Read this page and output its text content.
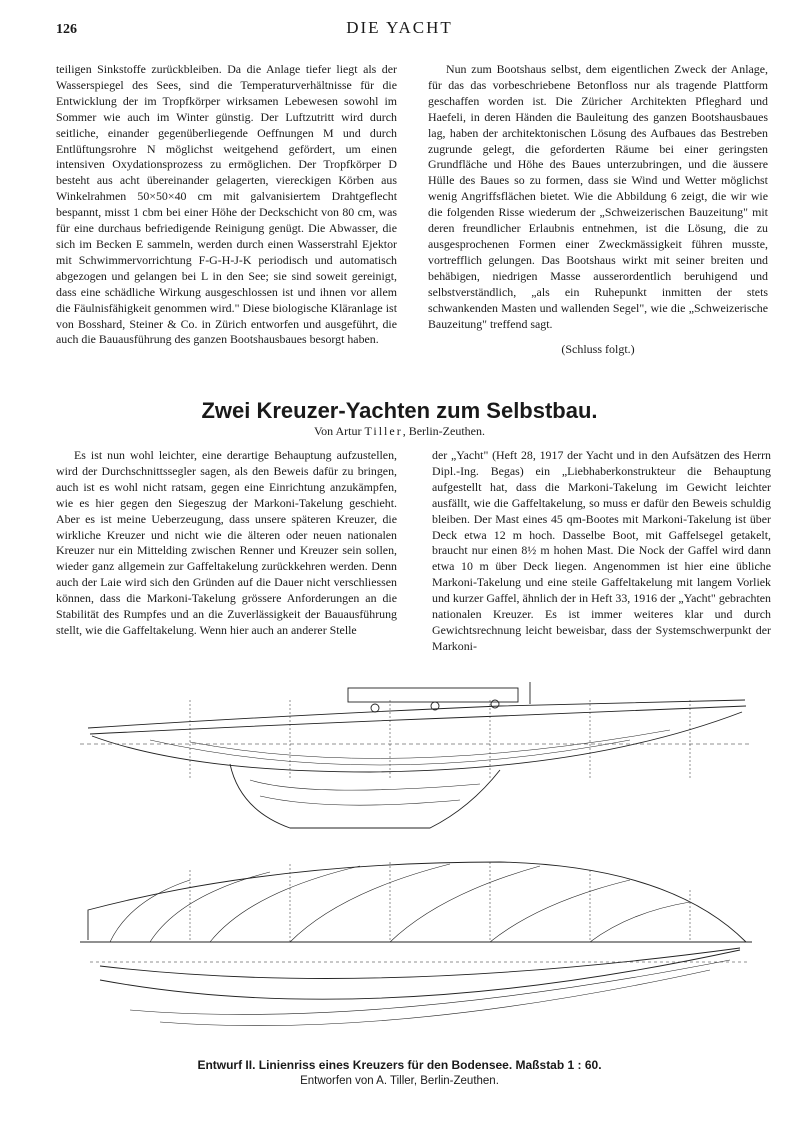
126	DIE YACHT

teiligen Sinkstoffe zurückbleiben. Da die Anlage tiefer liegt als der Wasserspiegel des Sees, sind die Temperaturverhältnisse für die Entwicklung der im Tropfkörper wirksamen Lebewesen sowohl im Sommer wie auch im Winter günstig. Der Luftzutritt wird durch seitliche, einander gegenüberliegende Oeffnungen M und durch Entlüftungsrohre N möglichst weitgehend gefördert, um einen intensiven Oxydationsprozess zu ermöglichen. Der Tropfkörper D besteht aus acht übereinander gelagerten, viereckigen Körben aus Winkelrahmen 50×50×40 cm mit galvanisiertem Drahtgeflecht bespannt, misst 1 cbm bei einer Höhe der Deckschicht von 80 cm, was für eine durchaus befriedigende Reinigung genügt. Die Abwasser, die sich im Becken E sammeln, werden durch einen Wasserstrahl Ejektor mit Schwimmervorrichtung F-G-H-J-K periodisch und automatisch abgezogen und gelangen bei L in den See; sie sind soweit gereinigt, dass eine schädliche Wirkung ausgeschlossen ist und ihnen vor allem die Fäulnisfähigkeit genommen wird." Diese biologische Kläranlage ist von Bosshard, Steiner & Co. in Zürich entworfen und ausgeführt, die auch die Bauausführung des ganzen Bootshausbaues besorgt haben.

Nun zum Bootshaus selbst, dem eigentlichen Zweck der Anlage, für das das vorbeschriebene Betonfloss nur als tragende Plattform geschaffen worden ist. Die Züricher Architekten Pfleghard und Haefeli, in deren Händen die Bauleitung des ganzen Bootshausbaues lag, haben der architektonischen Lösung des Aufbaues das Bestreben zugrunde gelegt, die geforderten Räume bei einer geringsten Grundfläche und Höhe des Baues unterzubringen, und die äussere Hülle des Baues so zu formen, dass sie Wind und Wetter möglichst wenig Angriffsflächen bietet. Wie die Abbildung 6 zeigt, die wir wie die folgenden Risse wiederum der „Schweizerischen Bauzeitung" mit deren freundlicher Erlaubnis entnehmen, ist die Lösung, die zu ausgesprochenen Formen einer Zweckmässigkeit führen musste, vortrefflich gelungen. Das Bootshaus wirkt mit seiner breiten und behäbigen, niedrigen Masse ausserordentlich beruhigend und selbstverständlich, „als ein Ruhepunkt inmitten der stets schwankenden Masten und wallenden Segel", wie die „Schweizerische Bauzeitung" treffend sagt.

(Schluss folgt.)
Zwei Kreuzer-Yachten zum Selbstbau.
Von Artur Tiller, Berlin-Zeuthen.

Es ist nun wohl leichter, eine derartige Behauptung aufzustellen, wird der Durchschnittssegler sagen, als den Beweis dafür zu bringen, auch ist es wohl nicht ratsam, gegen eine Einrichtung anzukämpfen, wie es hier gegen den Siegeszug der Markoni-Takelung geschieht. Aber es ist meine Ueberzeugung, dass unsere späteren Kreuzer, die wirkliche Kreuzer und nicht wie die älteren oder neuen nationalen Kreuzer nur ein Mittelding zwischen Renner und Kreuzer sein sollen, wieder ganz allgemein zur Gaffeltakelung zurückkehren werden. Denn auch der Laie wird sich den Gründen auf die Dauer nicht verschliessen können, dass die Markoni-Takelung grössere Anforderungen an die Stabilität des Rumpfes und an die Zuverlässigkeit der Bauausführung stellt, wie die Gaffeltakelung. Wenn hier auch an anderer Stelle

der „Yacht" (Heft 28, 1917 der Yacht und in den Aufsätzen des Herrn Dipl.-Ing. Begas) ein „Liebhaberkonstrukteur die Behauptung aufgestellt hat, dass die Markoni-Takelung im Gewicht leichter ausfällt, wie die Gaffeltakelung, so muss er dafür den Beweis schuldig bleiben. Der Mast eines 45 qm-Bootes mit Markoni-Takelung ist über Deck etwa 12 m hoch. Dasselbe Boot, mit Gaffelsegel getakelt, braucht nur einen 8½ m hohen Mast. Die Nock der Gaffel wird dann etwa 10 m über Deck liegen. Angenommen ist hier eine übliche Markoni-Takelung und eine steile Gaffeltakelung mit langem Vorliek und kurzer Gaffel, ähnlich der in Heft 33, 1916 der „Yacht" gebrachten nationalen Kreuzer. Es ist immer weiteres klar und durch Gewichtsrechnung leicht beweisbar, dass der Systemschwerpunkt der Markoni-

Entwurf II. Linienriss eines Kreuzers für den Bodensee. Maßstab 1 : 60.
Entworfen von A. Tiller, Berlin-Zeuthen.
